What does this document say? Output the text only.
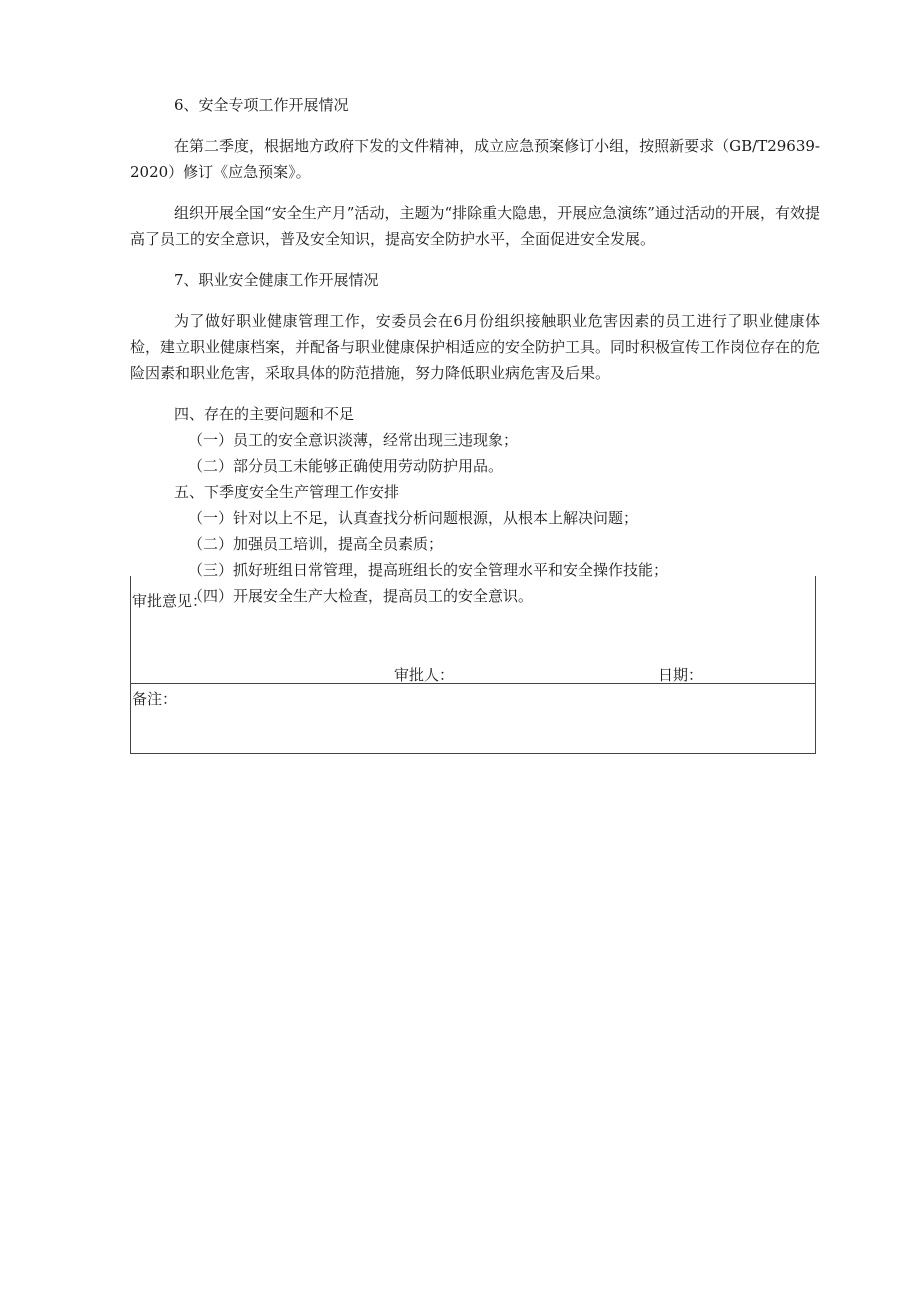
6、安全专项工作开展情况

在第二季度，根据地方政府下发的文件精神，成立应急预案修订小组，按照新要求（GB/T29639-2020）修订《应急预案》。

组织开展全国“安全生产月”活动，主题为“排除重大隐患，开展应急演练”通过活动的开展，有效提高了员工的安全意识，普及安全知识，提高安全防护水平，全面促进安全发展。

7、职业安全健康工作开展情况

为了做好职业健康管理工作，安委员会在6月份组织接触职业危害因素的员工进行了职业健康体检，建立职业健康档案，并配备与职业健康保护相适应的安全防护工具。同时积极宣传工作岗位存在的危险因素和职业危害，采取具体的防范措施，努力降低职业病危害及后果。

四、存在的主要问题和不足

（一）员工的安全意识淡薄，经常出现三违现象；

（二）部分员工未能够正确使用劳动防护用品。

五、下季度安全生产管理工作安排

（一）针对以上不足，认真查找分析问题根源，从根本上解决问题；

（二）加强员工培训，提高全员素质；

（三）抓好班组日常管理，提高班组长的安全管理水平和安全操作技能；

（四）开展安全生产大检查，提高员工的安全意识。

审批意见：
审批人：	日期：
备注：
